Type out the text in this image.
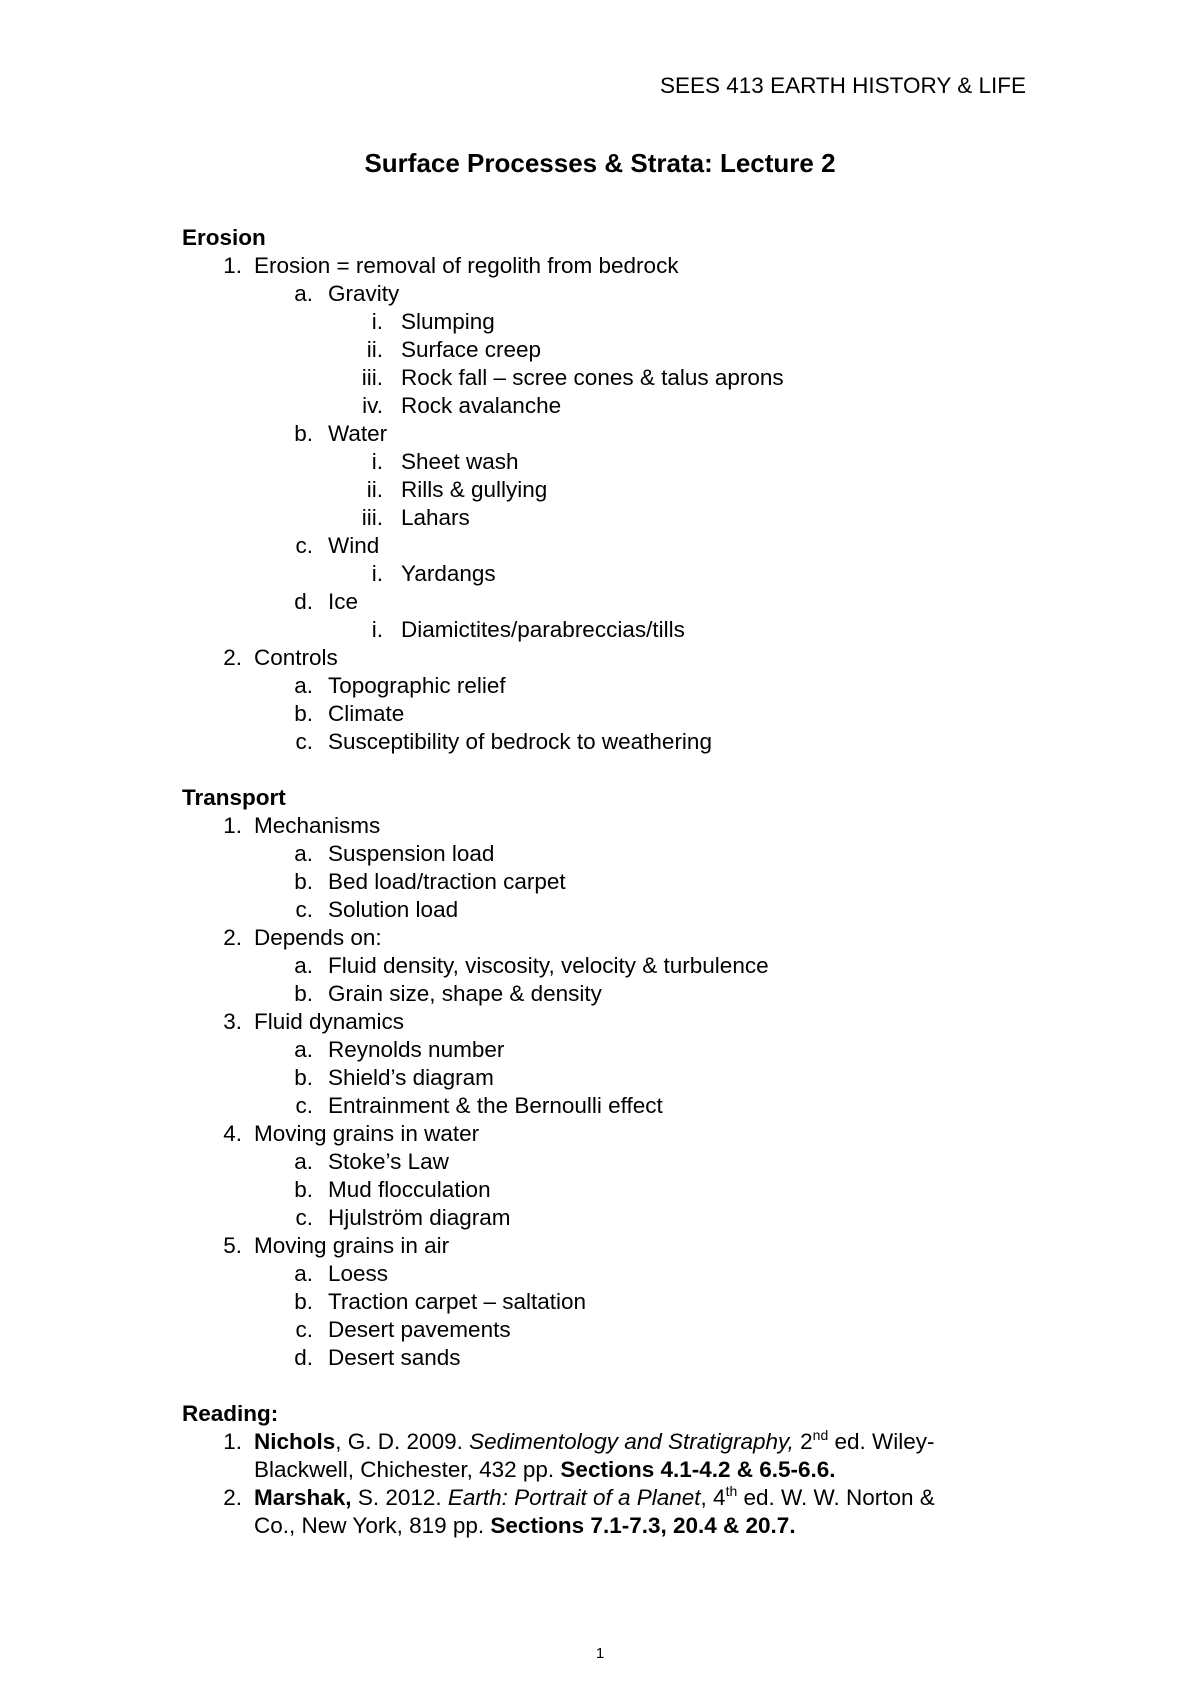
SEES 413 EARTH HISTORY & LIFE
Surface Processes & Strata: Lecture 2
Erosion
1. Erosion = removal of regolith from bedrock
a. Gravity
i. Slumping
ii. Surface creep
iii. Rock fall – scree cones & talus aprons
iv. Rock avalanche
b. Water
i. Sheet wash
ii. Rills & gullying
iii. Lahars
c. Wind
i. Yardangs
d. Ice
i. Diamictites/parabreccias/tills
2. Controls
a. Topographic relief
b. Climate
c. Susceptibility of bedrock to weathering
Transport
1. Mechanisms
a. Suspension load
b. Bed load/traction carpet
c. Solution load
2. Depends on:
a. Fluid density, viscosity, velocity & turbulence
b. Grain size, shape & density
3. Fluid dynamics
a. Reynolds number
b. Shield’s diagram
c. Entrainment & the Bernoulli effect
4. Moving grains in water
a. Stoke’s Law
b. Mud flocculation
c. Hjulström diagram
5. Moving grains in air
a. Loess
b. Traction carpet – saltation
c. Desert pavements
d. Desert sands
Reading:
1. Nichols, G. D. 2009. Sedimentology and Stratigraphy, 2nd ed. Wiley-
Blackwell, Chichester, 432 pp. Sections 4.1-4.2 & 6.5-6.6.
2. Marshak, S. 2012. Earth: Portrait of a Planet, 4th ed. W. W. Norton &
Co., New York, 819 pp. Sections 7.1-7.3, 20.4 & 20.7.
1
